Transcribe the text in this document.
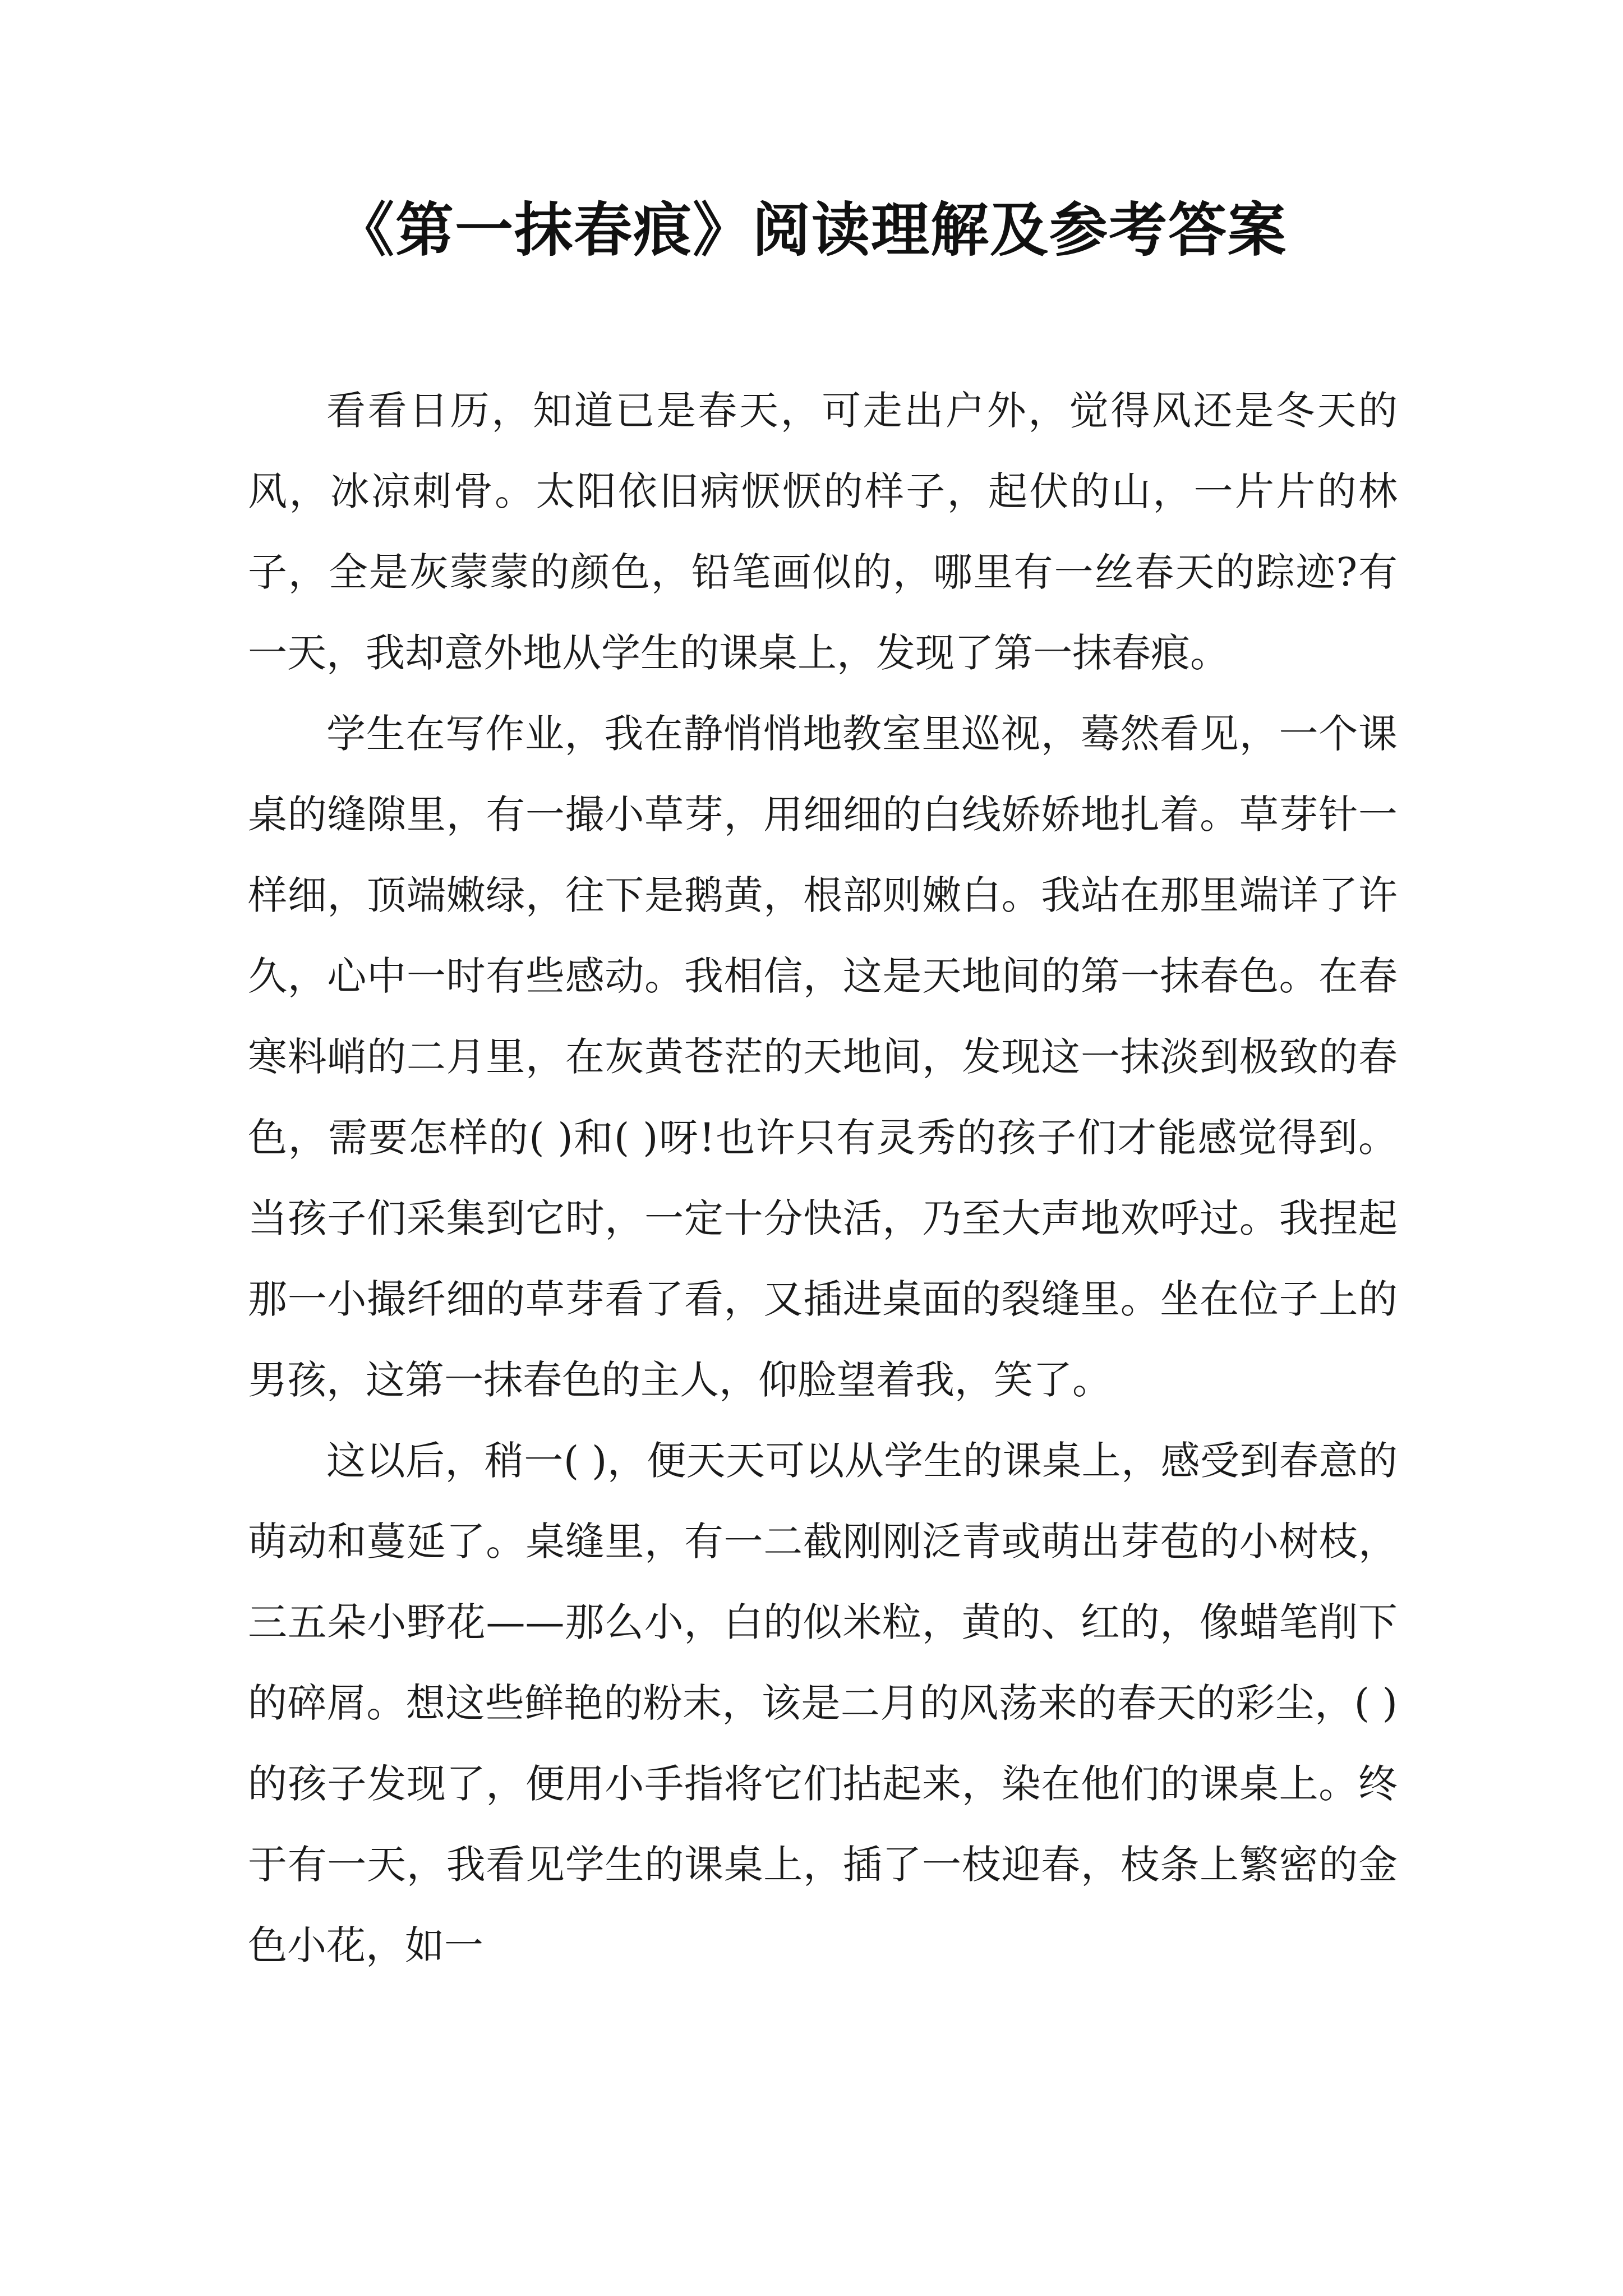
《第一抹春痕》阅读理解及参考答案

看看日历，知道已是春天，可走出户外，觉得风还是冬天的风，冰凉刺骨。太阳依旧病恹恹的样子，起伏的山，一片片的林子，全是灰蒙蒙的颜色，铅笔画似的，哪里有一丝春天的踪迹?有一天，我却意外地从学生的课桌上，发现了第一抹春痕。

学生在写作业，我在静悄悄地教室里巡视，蓦然看见，一个课桌的缝隙里，有一撮小草芽，用细细的白线娇娇地扎着。草芽针一样细，顶端嫩绿，往下是鹅黄，根部则嫩白。我站在那里端详了许久，心中一时有些感动。我相信，这是天地间的第一抹春色。在春寒料峭的二月里，在灰黄苍茫的天地间，发现这一抹淡到极致的春色，需要怎样的( )和( )呀!也许只有灵秀的孩子们才能感觉得到。当孩子们采集到它时，一定十分快活，乃至大声地欢呼过。我捏起那一小撮纤细的草芽看了看，又插进桌面的裂缝里。坐在位子上的男孩，这第一抹春色的主人，仰脸望着我，笑了。

这以后，稍一( )，便天天可以从学生的课桌上，感受到春意的萌动和蔓延了。桌缝里，有一二截刚刚泛青或萌出芽苞的小树枝，三五朵小野花——那么小，白的似米粒，黄的、红的，像蜡笔削下的碎屑。想这些鲜艳的粉末，该是二月的风荡来的春天的彩尘，( )的孩子发现了，便用小手指将它们拈起来，染在他们的课桌上。终于有一天，我看见学生的课桌上，插了一枝迎春，枝条上繁密的金色小花，如一
